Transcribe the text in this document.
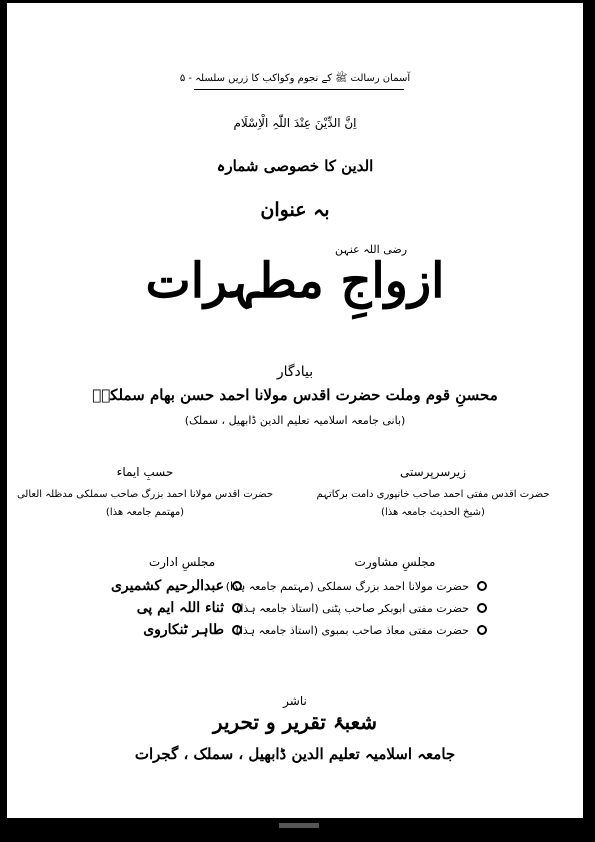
آسمان رسالت ﷺ کے نجوم وکواکب کا زریں سلسلہ - ۵
اِنَّ الدِّیْنَ عِنْدَ اللّٰہِ الْاِسْلَام
الدین کا خصوصی شمارہ
بہ عنوان
رضی اللہ عنہن
ازواجِ مطہرات
بیادگار
محسنِ قوم وملت حضرت اقدس مولانا احمد حسن بھام سملکیؒ
(بانی جامعہ اسلامیہ تعلیم الدین ڈابھیل ، سملک)
زیرسرپرستی
حضرت اقدس مفتی احمد صاحب خانپوری دامت برکاتہم
(شیخ الحدیث جامعہ ھذا)
حسبِ ایماء
حضرت اقدس مولانا احمد بزرگ صاحب سملکی مدظلہ العالی
(مھتمم جامعہ ھذا)
مجلسِ مشاورت
حضرت مولانا احمد بزرگ سملکی (مہتمم جامعہ ہذا)
حضرت مفتی ابوبکر صاحب پٹنی (استاذ جامعہ ہذا)
حضرت مفتی معاذ صاحب بمبوی (استاذ جامعہ ہذا)
مجلسِ ادارت
عبدالرحیم کشمیری
ثناء اللہ ایم پی
طاہر ٹنکاروی
ناشر
شعبۂ تقریر و تحریر
جامعہ اسلامیہ تعلیم الدین ڈابھیل ، سملک ، گجرات
